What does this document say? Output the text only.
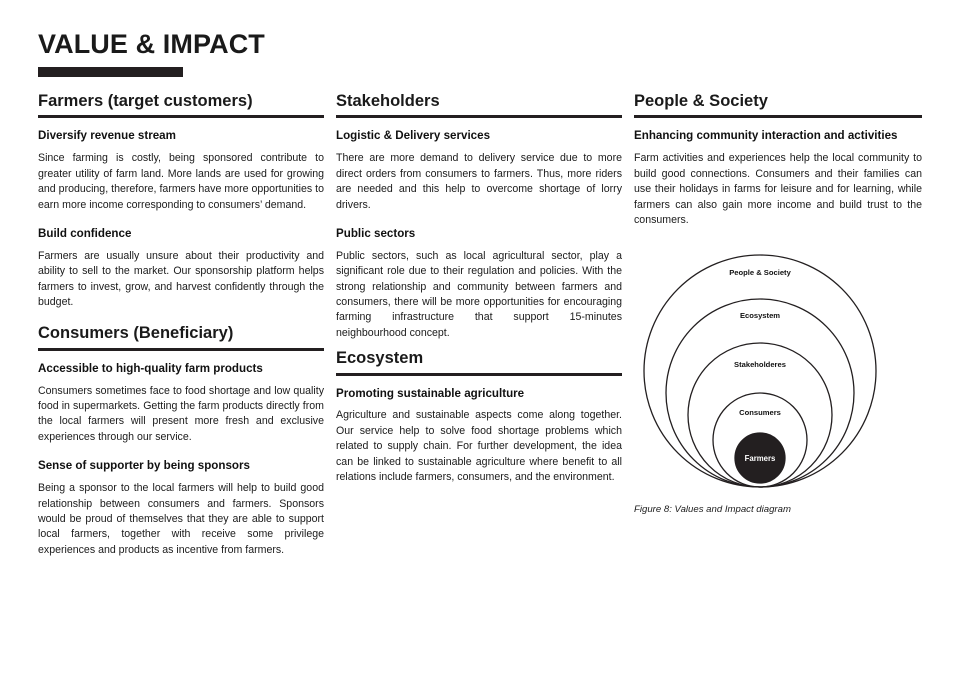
VALUE & IMPACT
Farmers (target customers)
Diversify revenue stream

Since farming is costly, being sponsored contribute to greater utility of farm land. More lands are used for growing and producing, therefore, farmers have more opportunities to earn more income corresponding to consumers’ demand.

Build confidence

Farmers are usually unsure about their productivity and ability to sell to the market. Our sponsorship platform helps farmers to invest, grow, and harvest confidently through the budget.

Consumers (Beneficiary)
Accessible to high-quality farm products

Consumers sometimes face to food shortage and low quality food in supermarkets. Getting the farm products directly from the local farmers will present more fresh and exclusive experiences through our service.

Sense of supporter by being sponsors

Being a sponsor to the local farmers will help to build good relationship between consumers and farmers. Sponsors would be proud of themselves that they are able to support local farmers, together with receive some privilege experiences and products as incentive from farmers.

Stakeholders
Logistic & Delivery services

There are more demand to delivery service due to more direct orders from consumers to farmers. Thus, more riders are needed and this help to overcome shortage of lorry drivers.

Public sectors

Public sectors, such as local agricultural sector, play a significant role due to their regulation and policies. With the strong relationship and community between farmers and consumers, there will be more opportunities for encouraging farming infrastructure that support 15-minutes neighbourhood concept.

Ecosystem
Promoting sustainable agriculture

Agriculture and sustainable aspects come along together. Our service help to solve food shortage problems which related to supply chain. For further development, the idea can be linked to sustainable agriculture where benefit to all relations include farmers, consumers, and the environment.

People & Society
Enhancing community interaction and activities

Farm activities and experiences help the local community to build good connections. Consumers and their families can use their holidays in farms for leisure and for learning, while farmers can also gain more income and build trust to the consumers.

People & Society
Ecosystem
Stakeholderes
Consumers
Farmers
Figure 8: Values and Impact diagram
